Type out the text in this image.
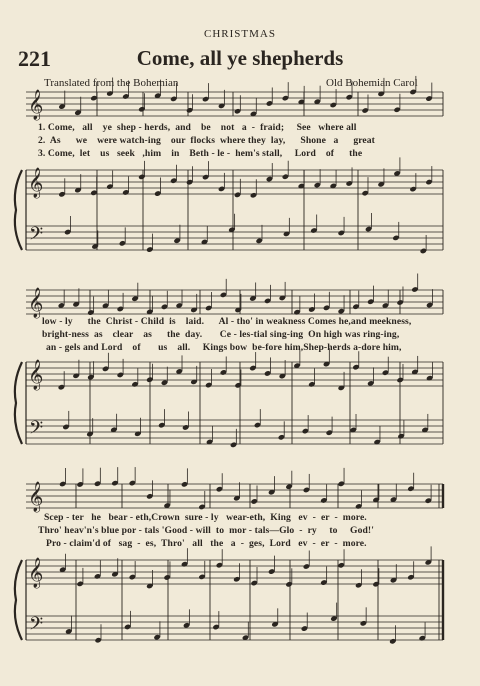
CHRISTMAS
221	Come, all ye shepherds
Translated from the Bohemian	Old Bohemian Carol
𝄞
𝄞
𝄢
𝄞
𝄞
𝄢
𝄞
𝄞
𝄢
1. Come,   all    ye  shep - herds,  and    be    not   a  -  fraid;     See   where all
2.  As      we    were watch-ing    our  flocks  where they  lay,      Shone   a      great
3. Come,  let    us   seek   ,him    in    Beth - le -  hem's stall,     Lord    of      the
low - ly      the  Christ - Child  is    laid.      Al - tho' in weakness Comes he,and meekness,
bright-ness  as    clear    as      the  day.       Ce - les-tial sing-ing  On high was ring-ing,
an - gels and Lord    of       us    all.     Kings bow  be-fore him,Shep-herds a-dore him,
Scep - ter   he   bear - eth,Crown  sure - ly   wear-eth,  King   ev  -  er  -  more.
Thro' heav'n's blue por - tals 'Good - will  to  mor - tals—Glo  -  ry     to     God!'
Pro - claim'd of   sag  -  es,  Thro'   all   the   a  -  ges,  Lord   ev  -  er  -  more.
